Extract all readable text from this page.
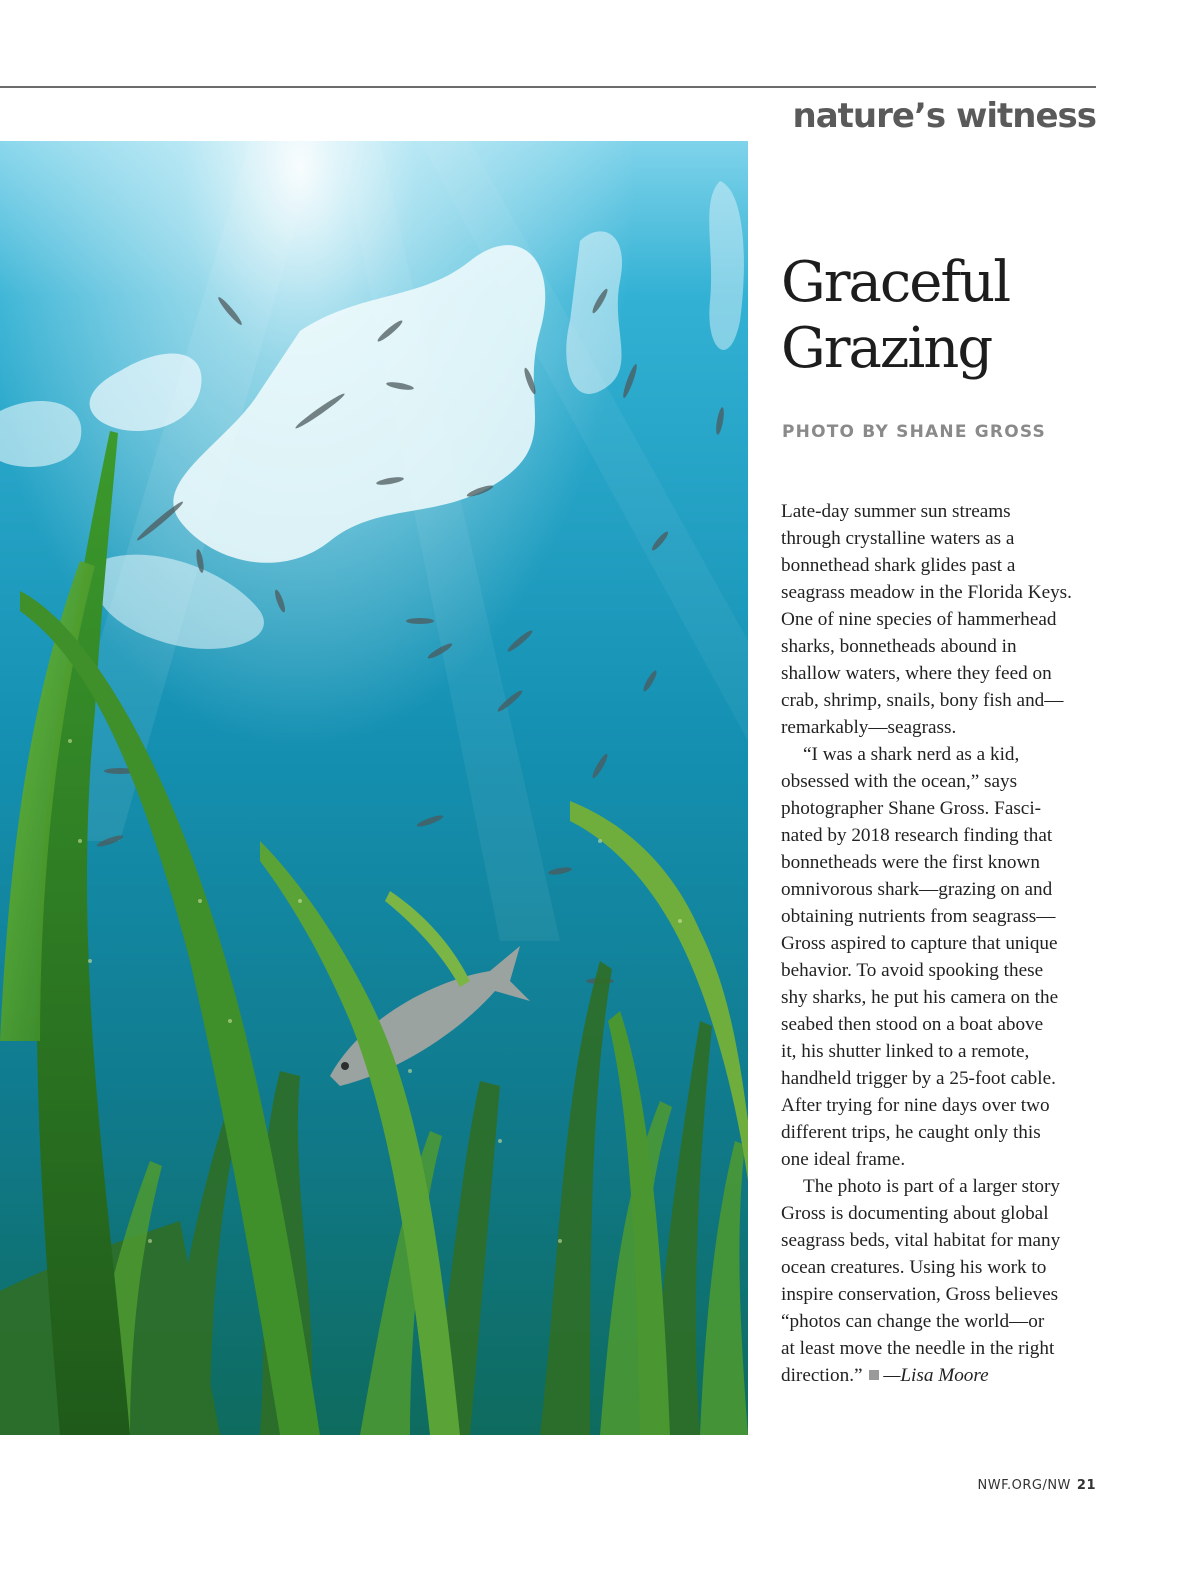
nature’s witness
Graceful
Grazing
PHOTO BY SHANE GROSS

Late-day summer sun streams
through crystalline waters as a
bonnethead shark glides past a
seagrass meadow in the Florida Keys.
One of nine species of hammerhead
sharks, bonnetheads abound in
shallow waters, where they feed on
crab, shrimp, snails, bony fish and—
remarkably—seagrass.

“I was a shark nerd as a kid,
obsessed with the ocean,” says
photographer Shane Gross. Fasci-
nated by 2018 research finding that
bonnetheads were the first known
omnivorous shark—grazing on and
obtaining nutrients from seagrass—
Gross aspired to capture that unique
behavior. To avoid spooking these
shy sharks, he put his camera on the
seabed then stood on a boat above
it, his shutter linked to a remote,
handheld trigger by a 25-foot cable.
After trying for nine days over two
different trips, he caught only this
one ideal frame.

The photo is part of a larger story
Gross is documenting about global
seagrass beds, vital habitat for many
ocean creatures. Using his work to
inspire conservation, Gross believes
“photos can change the world—or
at least move the needle in the right
direction.” —Lisa Moore

NWF.ORG/NW 21
